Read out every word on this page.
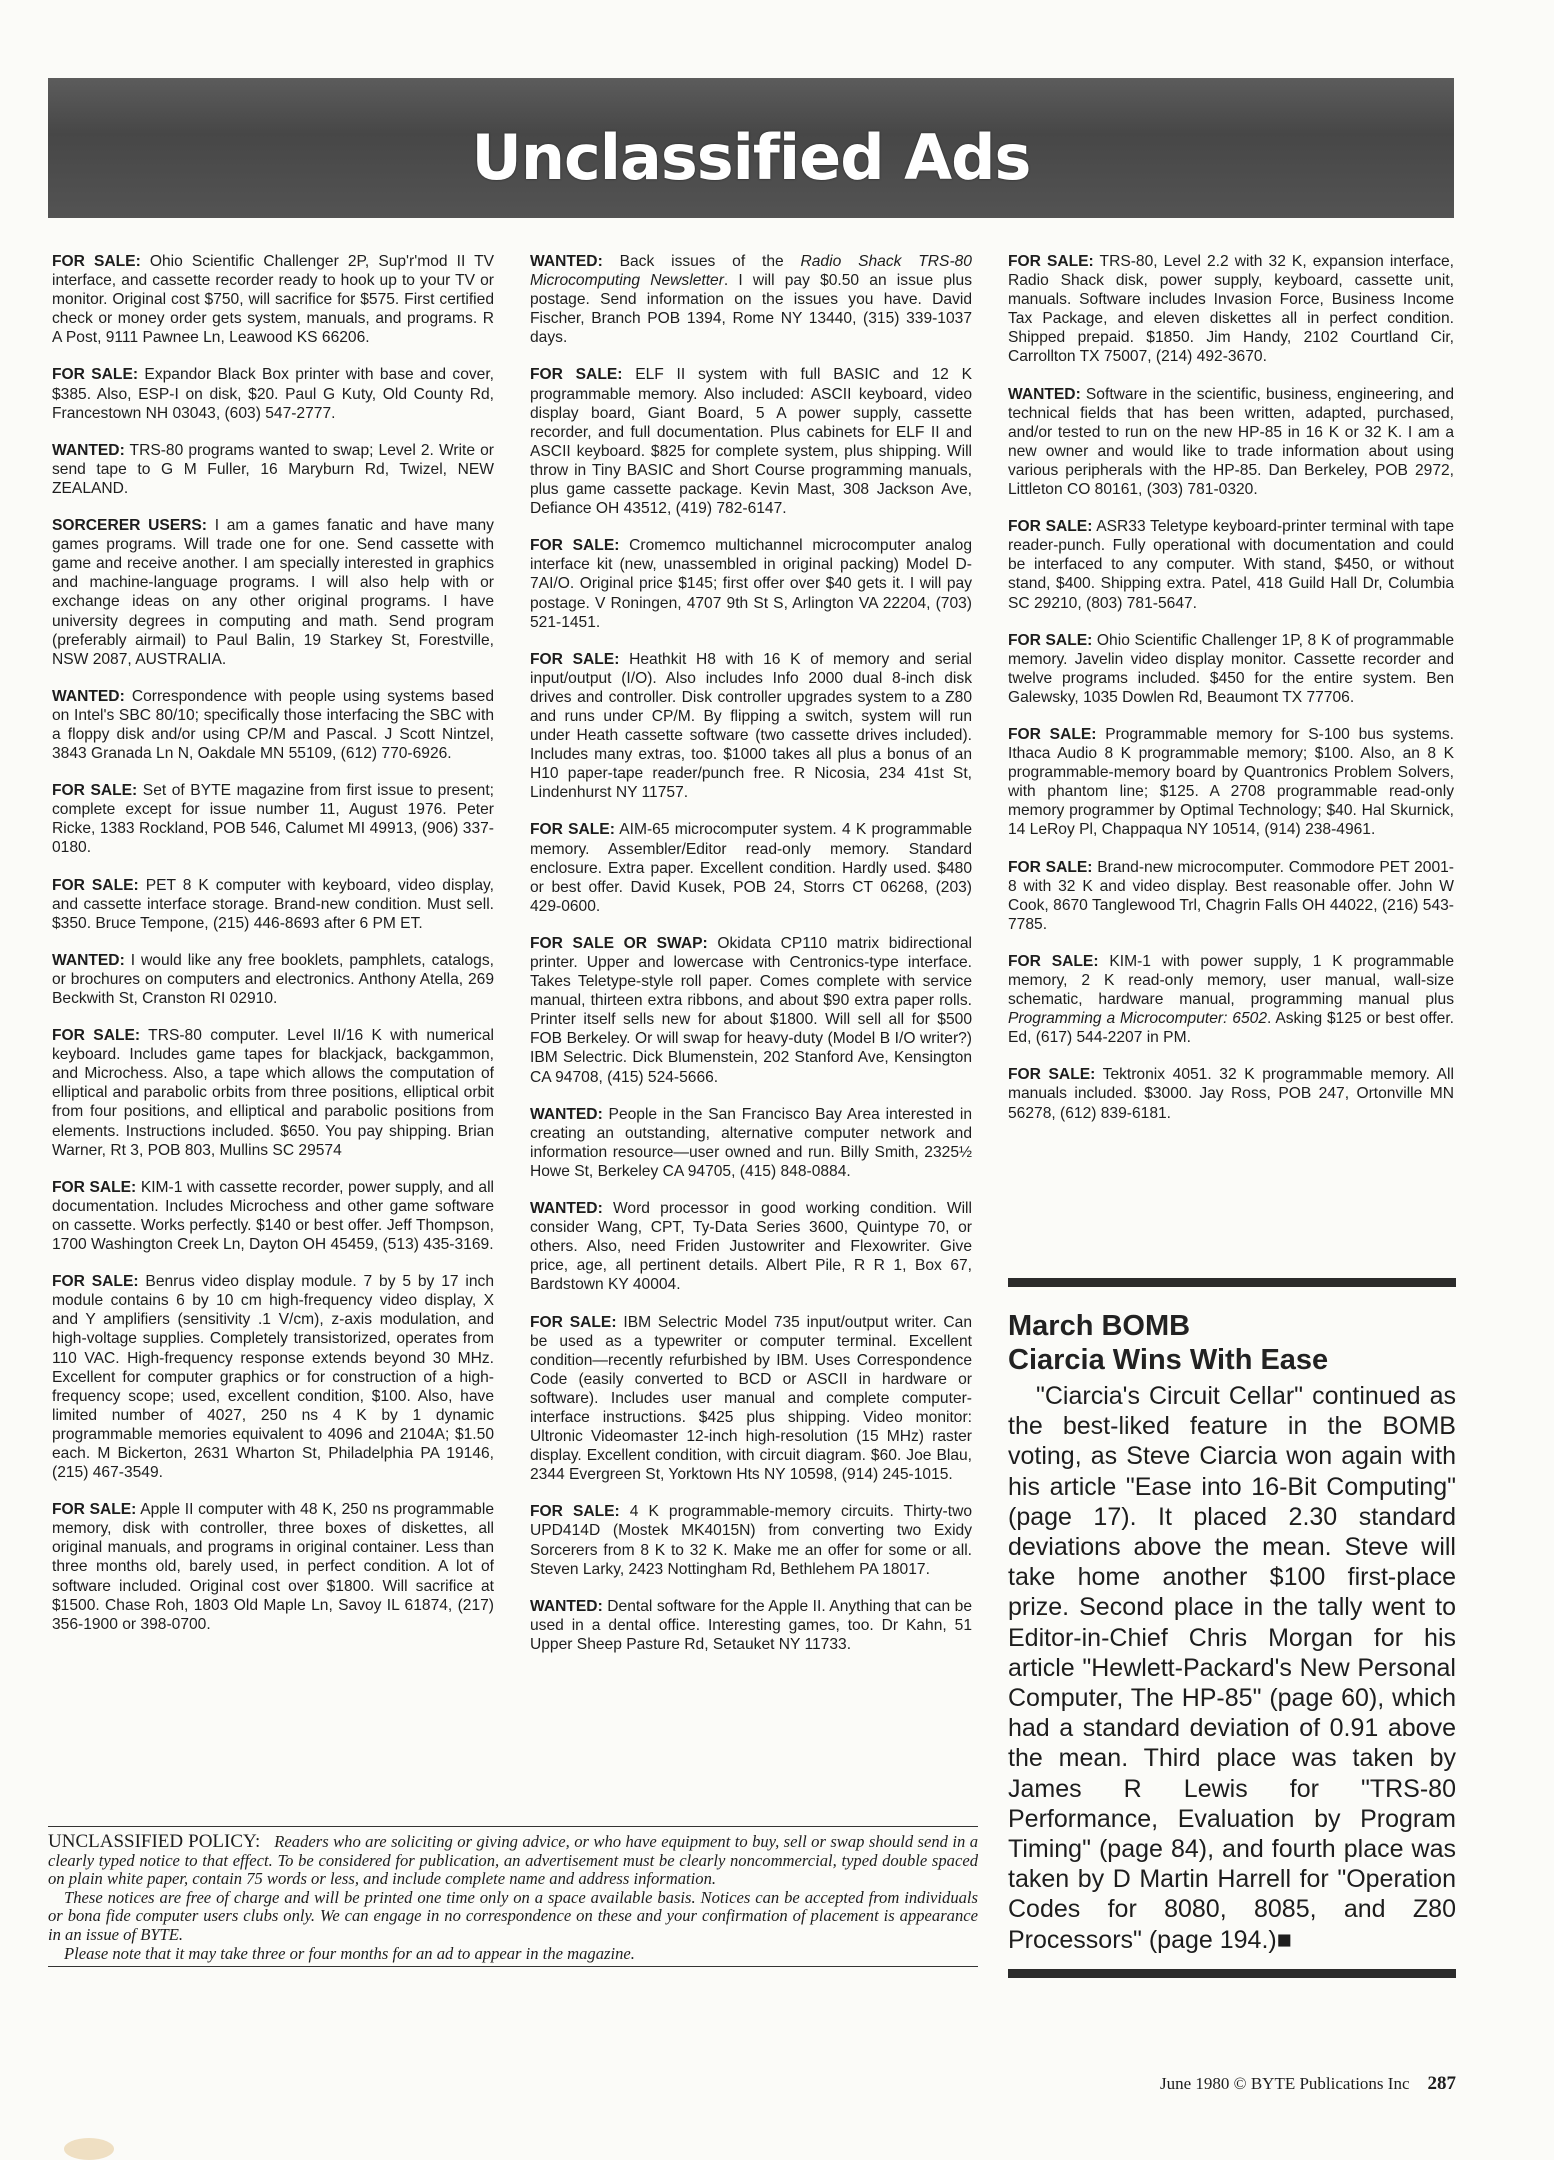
Unclassified Ads
FOR SALE: Ohio Scientific Challenger 2P, Sup'r'mod II TV interface, and cassette recorder ready to hook up to your TV or monitor. Original cost $750, will sacrifice for $575. First certified check or money order gets system, manuals, and programs. R A Post, 9111 Pawnee Ln, Leawood KS 66206.
FOR SALE: Expandor Black Box printer with base and cover, $385. Also, ESP-I on disk, $20. Paul G Kuty, Old County Rd, Francestown NH 03043, (603) 547-2777.
WANTED: TRS-80 programs wanted to swap; Level 2. Write or send tape to G M Fuller, 16 Maryburn Rd, Twizel, NEW ZEALAND.
SORCERER USERS: I am a games fanatic and have many games programs. Will trade one for one. Send cassette with game and receive another. I am specially interested in graphics and machine-language programs. I will also help with or exchange ideas on any other original programs. I have university degrees in computing and math. Send program (preferably airmail) to Paul Balin, 19 Starkey St, Forestville, NSW 2087, AUSTRALIA.
WANTED: Correspondence with people using systems based on Intel's SBC 80/10; specifically those interfacing the SBC with a floppy disk and/or using CP/M and Pascal. J Scott Nintzel, 3843 Granada Ln N, Oakdale MN 55109, (612) 770-6926.
FOR SALE: Set of BYTE magazine from first issue to present; complete except for issue number 11, August 1976. Peter Ricke, 1383 Rockland, POB 546, Calumet MI 49913, (906) 337-0180.
FOR SALE: PET 8 K computer with keyboard, video display, and cassette interface storage. Brand-new condition. Must sell. $350. Bruce Tempone, (215) 446-8693 after 6 PM ET.
WANTED: I would like any free booklets, pamphlets, catalogs, or brochures on computers and electronics. Anthony Atella, 269 Beckwith St, Cranston RI 02910.
FOR SALE: TRS-80 computer. Level II/16 K with numerical keyboard. Includes game tapes for blackjack, backgammon, and Microchess. Also, a tape which allows the computation of elliptical and parabolic orbits from three positions, elliptical orbit from four positions, and elliptical and parabolic positions from elements. Instructions included. $650. You pay shipping. Brian Warner, Rt 3, POB 803, Mullins SC 29574
FOR SALE: KIM-1 with cassette recorder, power supply, and all documentation. Includes Microchess and other game software on cassette. Works perfectly. $140 or best offer. Jeff Thompson, 1700 Washington Creek Ln, Dayton OH 45459, (513) 435-3169.
FOR SALE: Benrus video display module. 7 by 5 by 17 inch module contains 6 by 10 cm high-frequency video display, X and Y amplifiers (sensitivity .1 V/cm), z-axis modulation, and high-voltage supplies. Completely transistorized, operates from 110 VAC. High-frequency response extends beyond 30 MHz. Excellent for computer graphics or for construction of a high-frequency scope; used, excellent condition, $100. Also, have limited number of 4027, 250 ns 4 K by 1 dynamic programmable memories equivalent to 4096 and 2104A; $1.50 each. M Bickerton, 2631 Wharton St, Philadelphia PA 19146, (215) 467-3549.
FOR SALE: Apple II computer with 48 K, 250 ns programmable memory, disk with controller, three boxes of diskettes, all original manuals, and programs in original container. Less than three months old, barely used, in perfect condition. A lot of software included. Original cost over $1800. Will sacrifice at $1500. Chase Roh, 1803 Old Maple Ln, Savoy IL 61874, (217) 356-1900 or 398-0700.
WANTED: Back issues of the Radio Shack TRS-80 Microcomputing Newsletter. I will pay $0.50 an issue plus postage. Send information on the issues you have. David Fischer, Branch POB 1394, Rome NY 13440, (315) 339-1037 days.
FOR SALE: ELF II system with full BASIC and 12 K programmable memory. Also included: ASCII keyboard, video display board, Giant Board, 5 A power supply, cassette recorder, and full documentation. Plus cabinets for ELF II and ASCII keyboard. $825 for complete system, plus shipping. Will throw in Tiny BASIC and Short Course programming manuals, plus game cassette package. Kevin Mast, 308 Jackson Ave, Defiance OH 43512, (419) 782-6147.
FOR SALE: Cromemco multichannel microcomputer analog interface kit (new, unassembled in original packing) Model D-7AI/O. Original price $145; first offer over $40 gets it. I will pay postage. V Roningen, 4707 9th St S, Arlington VA 22204, (703) 521-1451.
FOR SALE: Heathkit H8 with 16 K of memory and serial input/output (I/O). Also includes Info 2000 dual 8-inch disk drives and controller. Disk controller upgrades system to a Z80 and runs under CP/M. By flipping a switch, system will run under Heath cassette software (two cassette drives included). Includes many extras, too. $1000 takes all plus a bonus of an H10 paper-tape reader/punch free. R Nicosia, 234 41st St, Lindenhurst NY 11757.
FOR SALE: AIM-65 microcomputer system. 4 K programmable memory. Assembler/Editor read-only memory. Standard enclosure. Extra paper. Excellent condition. Hardly used. $480 or best offer. David Kusek, POB 24, Storrs CT 06268, (203) 429-0600.
FOR SALE OR SWAP: Okidata CP110 matrix bidirectional printer. Upper and lowercase with Centronics-type interface. Takes Teletype-style roll paper. Comes complete with service manual, thirteen extra ribbons, and about $90 extra paper rolls. Printer itself sells new for about $1800. Will sell all for $500 FOB Berkeley. Or will swap for heavy-duty (Model B I/O writer?) IBM Selectric. Dick Blumenstein, 202 Stanford Ave, Kensington CA 94708, (415) 524-5666.
WANTED: People in the San Francisco Bay Area interested in creating an outstanding, alternative computer network and information resource—user owned and run. Billy Smith, 2325½ Howe St, Berkeley CA 94705, (415) 848-0884.
WANTED: Word processor in good working condition. Will consider Wang, CPT, Ty-Data Series 3600, Quintype 70, or others. Also, need Friden Justowriter and Flexowriter. Give price, age, all pertinent details. Albert Pile, R R 1, Box 67, Bardstown KY 40004.
FOR SALE: IBM Selectric Model 735 input/output writer. Can be used as a typewriter or computer terminal. Excellent condition—recently refurbished by IBM. Uses Correspondence Code (easily converted to BCD or ASCII in hardware or software). Includes user manual and complete computer-interface instructions. $425 plus shipping. Video monitor: Ultronic Videomaster 12-inch high-resolution (15 MHz) raster display. Excellent condition, with circuit diagram. $60. Joe Blau, 2344 Evergreen St, Yorktown Hts NY 10598, (914) 245-1015.
FOR SALE: 4 K programmable-memory circuits. Thirty-two UPD414D (Mostek MK4015N) from converting two Exidy Sorcerers from 8 K to 32 K. Make me an offer for some or all. Steven Larky, 2423 Nottingham Rd, Bethlehem PA 18017.
WANTED: Dental software for the Apple II. Anything that can be used in a dental office. Interesting games, too. Dr Kahn, 51 Upper Sheep Pasture Rd, Setauket NY 11733.
FOR SALE: TRS-80, Level 2.2 with 32 K, expansion interface, Radio Shack disk, power supply, keyboard, cassette unit, manuals. Software includes Invasion Force, Business Income Tax Package, and eleven diskettes all in perfect condition. Shipped prepaid. $1850. Jim Handy, 2102 Courtland Cir, Carrollton TX 75007, (214) 492-3670.
WANTED: Software in the scientific, business, engineering, and technical fields that has been written, adapted, purchased, and/or tested to run on the new HP-85 in 16 K or 32 K. I am a new owner and would like to trade information about using various peripherals with the HP-85. Dan Berkeley, POB 2972, Littleton CO 80161, (303) 781-0320.
FOR SALE: ASR33 Teletype keyboard-printer terminal with tape reader-punch. Fully operational with documentation and could be interfaced to any computer. With stand, $450, or without stand, $400. Shipping extra. Patel, 418 Guild Hall Dr, Columbia SC 29210, (803) 781-5647.
FOR SALE: Ohio Scientific Challenger 1P, 8 K of programmable memory. Javelin video display monitor. Cassette recorder and twelve programs included. $450 for the entire system. Ben Galewsky, 1035 Dowlen Rd, Beaumont TX 77706.
FOR SALE: Programmable memory for S-100 bus systems. Ithaca Audio 8 K programmable memory; $100. Also, an 8 K programmable-memory board by Quantronics Problem Solvers, with phantom line; $125. A 2708 programmable read-only memory programmer by Optimal Technology; $40. Hal Skurnick, 14 LeRoy Pl, Chappaqua NY 10514, (914) 238-4961.
FOR SALE: Brand-new microcomputer. Commodore PET 2001-8 with 32 K and video display. Best reasonable offer. John W Cook, 8670 Tanglewood Trl, Chagrin Falls OH 44022, (216) 543-7785.
FOR SALE: KIM-1 with power supply, 1 K programmable memory, 2 K read-only memory, user manual, wall-size schematic, hardware manual, programming manual plus Programming a Microcomputer: 6502. Asking $125 or best offer. Ed, (617) 544-2207 in PM.
FOR SALE: Tektronix 4051. 32 K programmable memory. All manuals included. $3000. Jay Ross, POB 247, Ortonville MN 56278, (612) 839-6181.
March BOMB
Ciarcia Wins With Ease
"Ciarcia's Circuit Cellar" continued as the best-liked feature in the BOMB voting, as Steve Ciarcia won again with his article "Ease into 16-Bit Computing" (page 17). It placed 2.30 standard deviations above the mean. Steve will take home another $100 first-place prize. Second place in the tally went to Editor-in-Chief Chris Morgan for his article "Hewlett-Packard's New Personal Computer, The HP-85" (page 60), which had a standard deviation of 0.91 above the mean. Third place was taken by James R Lewis for "TRS-80 Performance, Evaluation by Program Timing" (page 84), and fourth place was taken by D Martin Harrell for "Operation Codes for 8080, 8085, and Z80 Processors" (page 194.)■
UNCLASSIFIED POLICY: Readers who are soliciting or giving advice, or who have equipment to buy, sell or swap should send in a clearly typed notice to that effect. To be considered for publication, an advertisement must be clearly noncommercial, typed double spaced on plain white paper, contain 75 words or less, and include complete name and address information.
These notices are free of charge and will be printed one time only on a space available basis. Notices can be accepted from individuals or bona fide computer users clubs only. We can engage in no correspondence on these and your confirmation of placement is appearance in an issue of BYTE.
Please note that it may take three or four months for an ad to appear in the magazine.
June 1980 © BYTE Publications Inc 287
